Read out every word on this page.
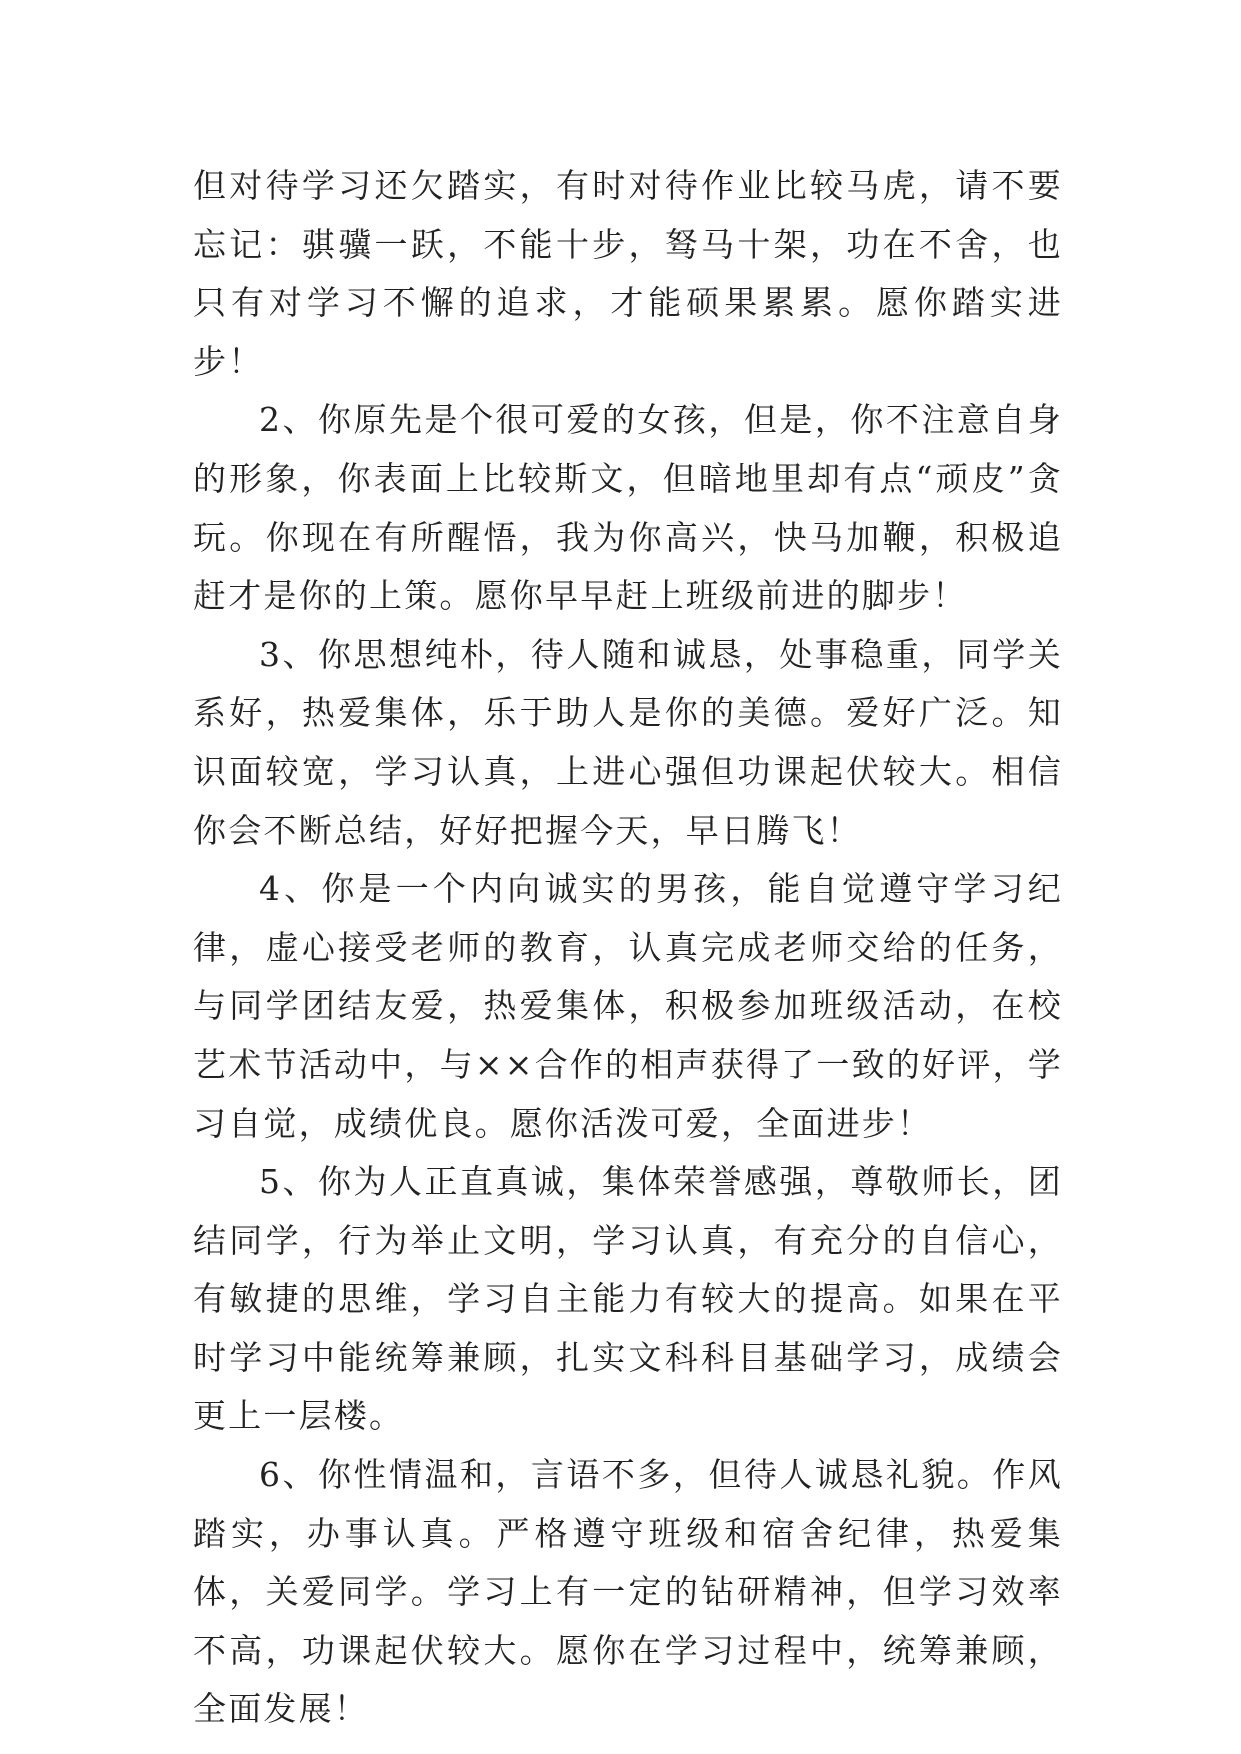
但对待学习还欠踏实，有时对待作业比较马虎，请不要忘记：骐骥一跃，不能十步，驽马十架，功在不舍，也只有对学习不懈的追求，才能硕果累累。愿你踏实进步！

2、你原先是个很可爱的女孩，但是，你不注意自身的形象，你表面上比较斯文，但暗地里却有点“顽皮”贪玩。你现在有所醒悟，我为你高兴，快马加鞭，积极追赶才是你的上策。愿你早早赶上班级前进的脚步！

3、你思想纯朴，待人随和诚恳，处事稳重，同学关系好，热爱集体，乐于助人是你的美德。爱好广泛。知识面较宽，学习认真，上进心强但功课起伏较大。相信你会不断总结，好好把握今天，早日腾飞！

4、你是一个内向诚实的男孩，能自觉遵守学习纪律，虚心接受老师的教育，认真完成老师交给的任务，与同学团结友爱，热爱集体，积极参加班级活动，在校艺术节活动中，与××合作的相声获得了一致的好评，学习自觉，成绩优良。愿你活泼可爱，全面进步！

5、你为人正直真诚，集体荣誉感强，尊敬师长，团结同学，行为举止文明，学习认真，有充分的自信心，有敏捷的思维，学习自主能力有较大的提高。如果在平时学习中能统筹兼顾，扎实文科科目基础学习，成绩会更上一层楼。

6、你性情温和，言语不多，但待人诚恳礼貌。作风踏实，办事认真。严格遵守班级和宿舍纪律，热爱集体，关爱同学。学习上有一定的钻研精神，但学习效率不高，功课起伏较大。愿你在学习过程中，统筹兼顾，全面发展！
